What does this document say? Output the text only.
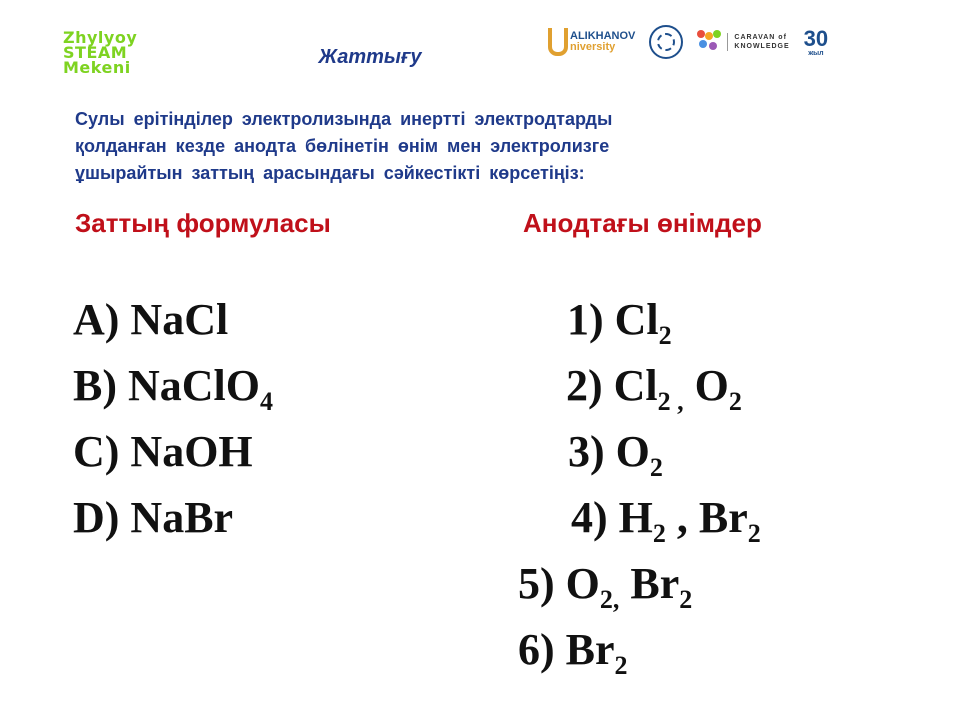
Zhylyoy
STEAM
Mekeni
ALIKHANOV
niversity
CARAVAN of
KNOWLEDGE 30
жыл
Жаттығу
Сулы ерітінділер электролизында инертті электродтарды
қолданған кезде анодта бөлінетін өнім мен электролизге
ұшырайтын заттың арасындағы сәйкестікті көрсетіңіз:
Заттың формуласы	Анодтағы өнімдер
A) NaCl
B) NaClO$_4$
C) NaOH
D) NaBr
1) $Cl_2$
2) $Cl_{2 ,}$ $O_2$
3) $O_2$
4) $H_2$ , $Br_2$
5) $O_{2,}$ $Br_2$
6) $Br_2$
